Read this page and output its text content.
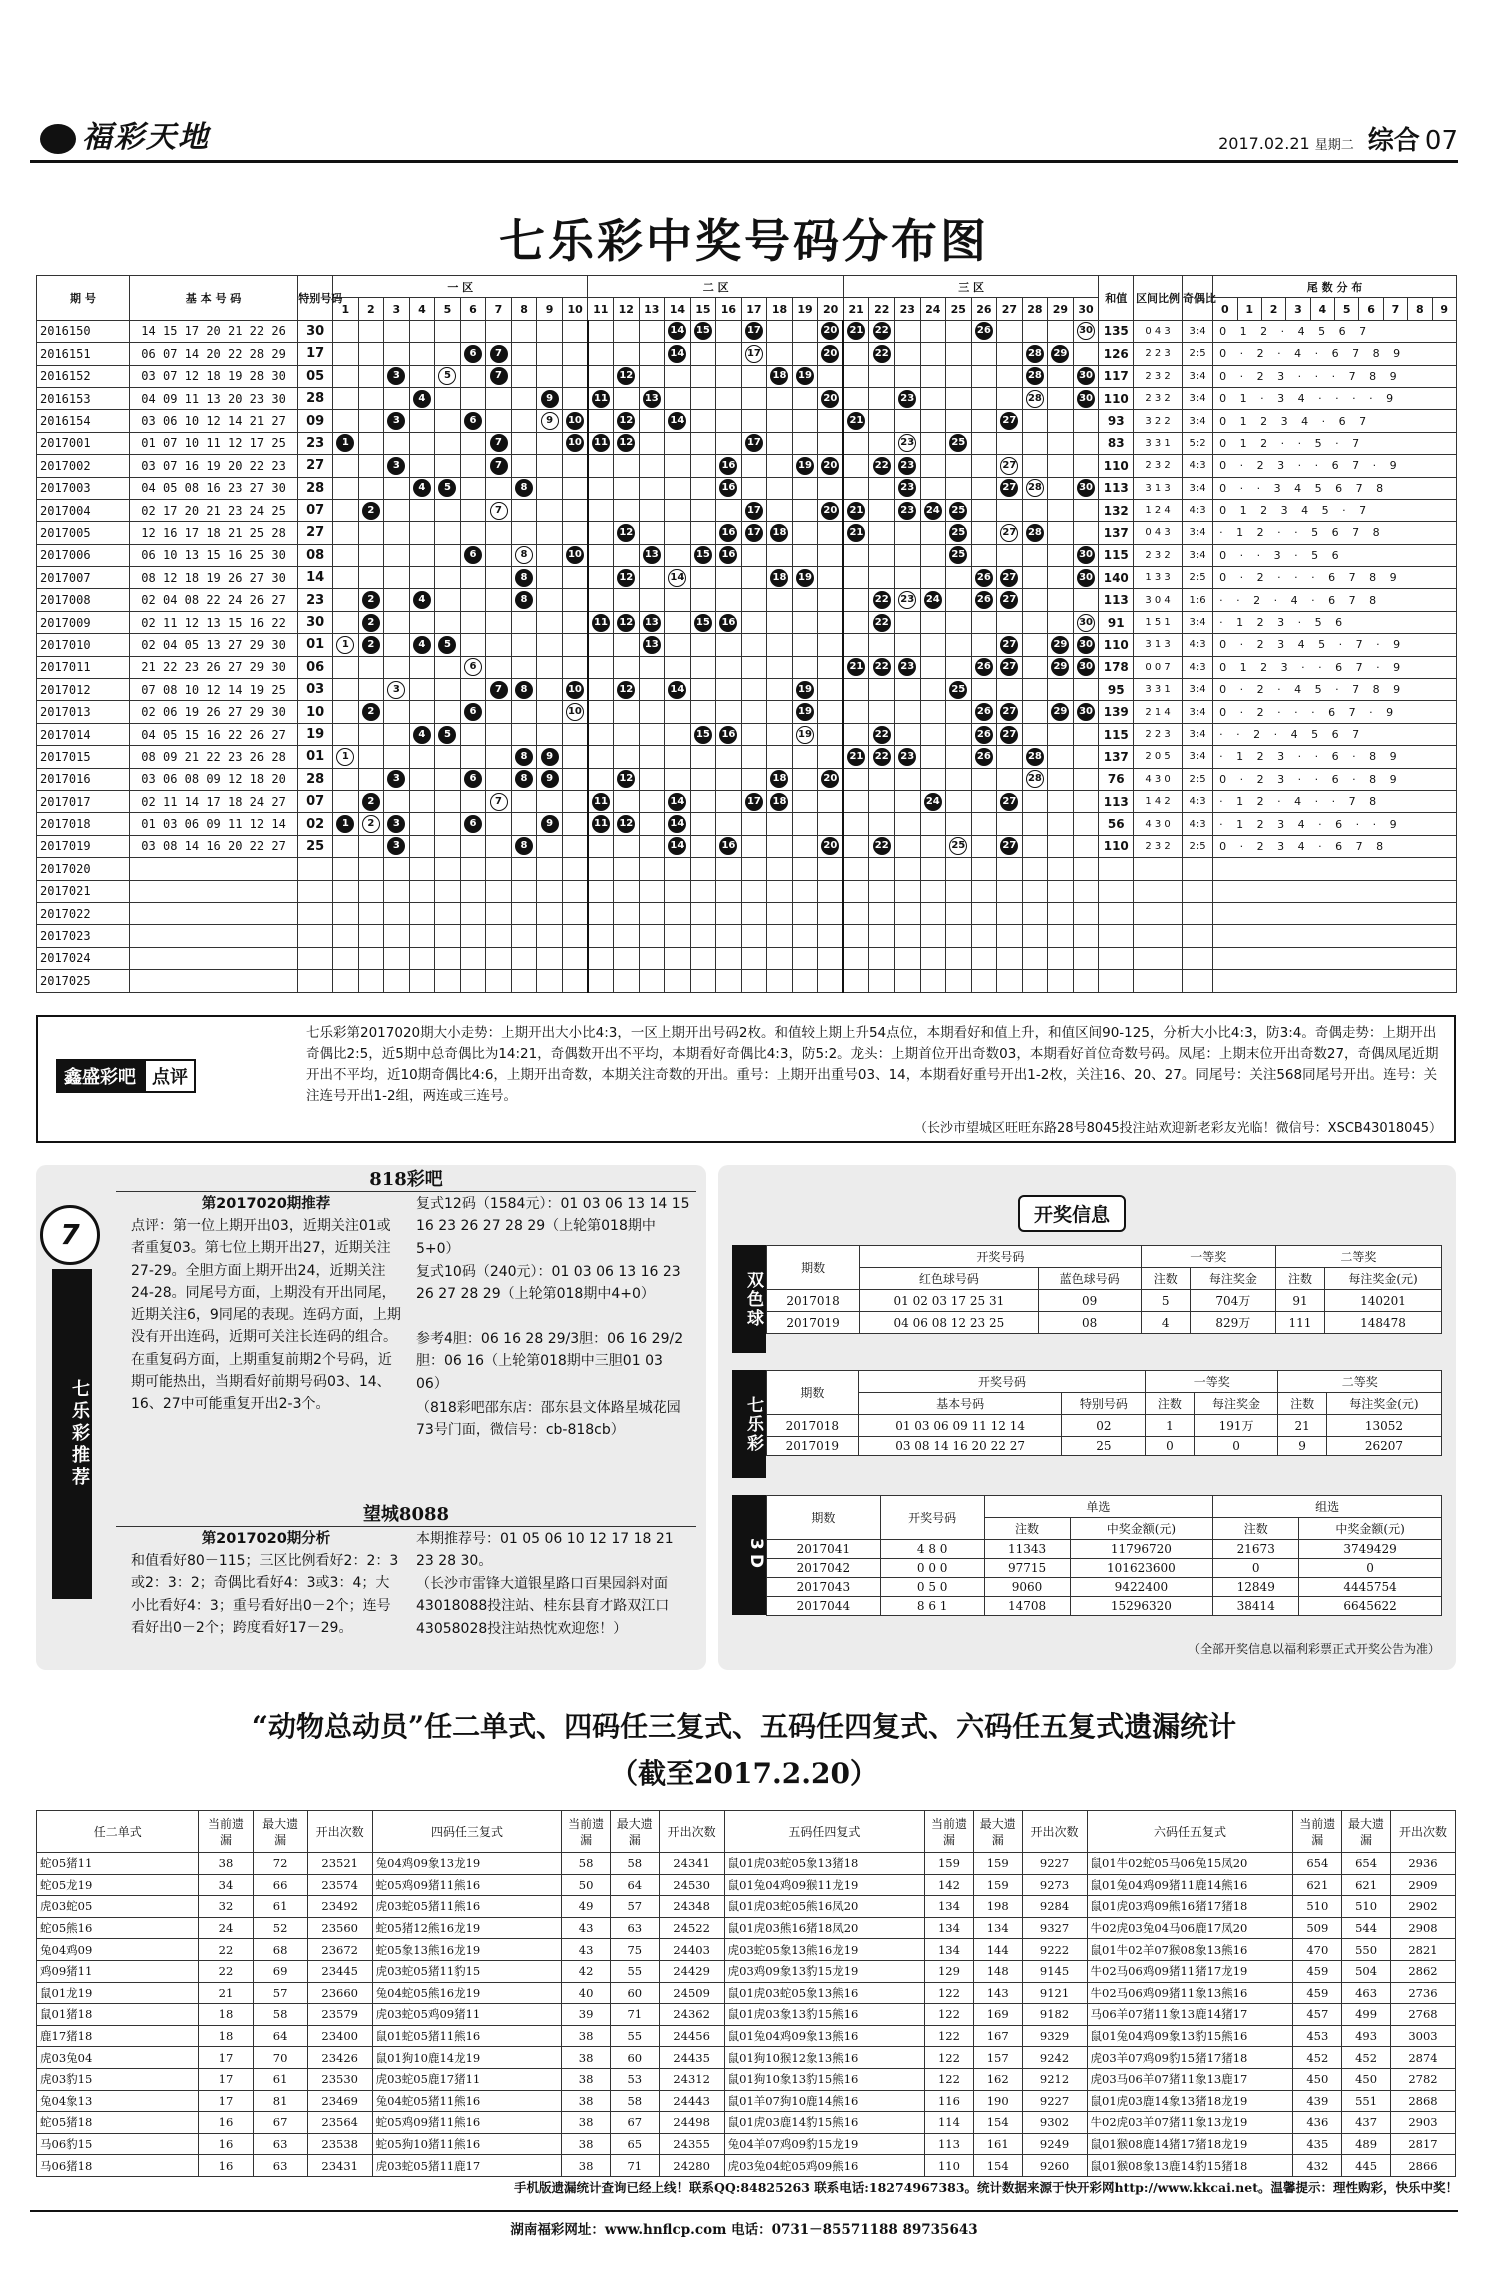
福彩天地	2017.02.21 星期二 综合 07
七乐彩中奖号码分布图
期 号	基 本 号 码	特别号码	一 区										二 区										三 区										和值	区间比例	奇偶比	尾 数 分 布									
			1	2	3	4	5	6	7	8	9	10	11	12	13	14	15	16	17	18	19	20	21	22	23	24	25	26	27	28	29	30				0	1	2	3	4	5	6	7	8	9
2016150	14 15 17 20 21 22 26	30														14	15		17			20	21	22				26				30	135	0 4 3	3:4	0 1 2 · 4 5 6 7									
2016151	06 07 14 20 22 28 29	17						6	7							14			17			20		22						28	29		126	2 2 3	2:5	0 · 2 · 4 · 6 7 8 9									
2016152	03 07 12 18 19 28 30	05			3		5		7					12						18	19									28		30	117	2 3 2	3:4	0 · 2 3 · · · 7 8 9									
2016153	04 09 11 13 20 23 30	28				4					9		11		13							20			23					28		30	110	2 3 2	3:4	0 1 · 3 4 · · · · 9									
2016154	03 06 10 12 14 21 27	09			3			6			9	10		12		14							21						27				93	3 2 2	3:4	0 1 2 3 4 · 6 7									
2017001	01 07 10 11 12 17 25	23	1						7			10	11	12					17						23		25						83	3 3 1	5:2	0 1 2 · · 5 · 7									
2017002	03 07 16 19 20 22 23	27			3				7									16			19	20		22	23				27				110	2 3 2	4:3	0 · 2 3 · · 6 7 · 9									
2017003	04 05 08 16 23 27 30	28				4	5			8								16							23				27	28		30	113	3 1 3	3:4	0 · · 3 4 5 6 7 8									
2017004	02 17 20 21 23 24 25	07		2					7										17			20	21		23	24	25						132	1 2 4	4:3	0 1 2 3 4 5 · 7									
2017005	12 16 17 18 21 25 28	27												12				16	17	18			21				25		27	28			137	0 4 3	3:4	· 1 2 · · 5 6 7 8									
2017006	06 10 13 15 16 25 30	08						6		8		10			13		15	16									25					30	115	2 3 2	3:4	0 · · 3 · 5 6									
2017007	08 12 18 19 26 27 30	14								8				12		14				18	19							26	27			30	140	1 3 3	2:5	0 · 2 · · · 6 7 8 9									
2017008	02 04 08 22 24 26 27	23		2		4				8														22	23	24		26	27				113	3 0 4	1:6	· · 2 · 4 · 6 7 8									
2017009	02 11 12 13 15 16 22	30		2									11	12	13		15	16						22								30	91	1 5 1	3:4	· 1 2 3 · 5 6									
2017010	02 04 05 13 27 29 30	01	1	2		4	5								13														27		29	30	110	3 1 3	4:3	0 · 2 3 4 5 · 7 · 9									
2017011	21 22 23 26 27 29 30	06						6															21	22	23			26	27		29	30	178	0 0 7	4:3	0 1 2 3 · · 6 7 · 9									
2017012	07 08 10 12 14 19 25	03			3				7	8		10		12		14					19						25						95	3 3 1	3:4	0 · 2 · 4 5 · 7 8 9									
2017013	02 06 19 26 27 29 30	10		2				6				10									19							26	27		29	30	139	2 1 4	3:4	0 · 2 · · · 6 7 · 9									
2017014	04 05 15 16 22 26 27	19				4	5										15	16			19			22				26	27				115	2 2 3	3:4	· · 2 · 4 5 6 7									
2017015	08 09 21 22 23 26 28	01	1							8	9												21	22	23			26		28			137	2 0 5	3:4	· 1 2 3 · · 6 · 8 9									
2017016	03 06 08 09 12 18 20	28			3			6		8	9			12						18		20								28			76	4 3 0	2:5	0 · 2 3 · · 6 · 8 9									
2017017	02 11 14 17 18 24 27	07		2					7				11			14			17	18						24			27				113	1 4 2	4:3	· 1 2 · 4 · · 7 8									
2017018	01 03 06 09 11 12 14	02	1	2	3			6			9		11	12		14																	56	4 3 0	4:3	· 1 2 3 4 · 6 · · 9									
2017019	03 08 14 16 20 22 27	25			3					8						14		16				20		22			25		27				110	2 3 2	2:5	0 · 2 3 4 · 6 7 8									
2017020																																													
2017021																																													
2017022																																													
2017023																																													
2017024																																													
2017025																																													
鑫盛彩吧 点评
七乐彩第2017020期大小走势：上期开出大小比4:3，一区上期开出号码2枚。和值较上期上升54点位，本期看好和值上升，和值区间90-125，分析大小比4:3，防3:4。奇偶走势：上期开出奇偶比2:5，近5期中总奇偶比为14:21，奇偶数开出不平均，本期看好奇偶比4:3，防5:2。龙头：上期首位开出奇数03，本期看好首位奇数号码。凤尾：上期末位开出奇数27，奇偶凤尾近期开出不平均，近10期奇偶比4:6，上期开出奇数，本期关注奇数的开出。重号：上期开出重号03、14，本期看好重号开出1-2枚，关注16、20、27。同尾号：关注568同尾号开出。连号：关注连号开出1-2组，两连或三连号。
（长沙市望城区旺旺东路28号8045投注站欢迎新老彩友光临！微信号：XSCB43018045）
7
七乐彩推荐
818彩吧
第2017020期推荐
点评：第一位上期开出03，近期关注01或者重复03。第七位上期开出27，近期关注27-29。全胆方面上期开出24，近期关注24-28。同尾号方面，上期没有开出同尾，近期关注6，9同尾的表现。连码方面，上期没有开出连码，近期可关注长连码的组合。在重复码方面，上期重复前期2个号码，近期可能热出，当期看好前期号码03、14、16、27中可能重复开出2-3个。
复式12码（1584元）：01 03 06 13 14 15 16 23 26 27 28 29（上轮第018期中5+0）
复式10码（240元）：01 03 06 13 16 23 26 27 28 29（上轮第018期中4+0）
参考4胆：06 16 28 29/3胆：06 16 29/2胆：06 16（上轮第018期中三胆01 03 06）
（818彩吧邵东店：邵东县文体路星城花园73号门面，微信号：cb-818cb）
望城8088
第2017020期分析
和值看好80－115；三区比例看好2：2：3或2：3：2；奇偶比看好4：3或3：4；大小比看好4：3；重号看好出0－2个；连号看好出0－2个；跨度看好17－29。
本期推荐号：01 05 06 10 12 17 18 21 23 28 30。
（长沙市雷锋大道银星路口百果园斜对面43018088投注站、桂东县育才路双江口43058028投注站热忱欢迎您！）
开奖信息
双色球
期数	开奖号码		一等奖		二等奖	
	红色球号码	蓝色球号码	注数	每注奖金	注数	每注奖金(元)
2017018	01 02 03 17 25 31	09	5	704万	91	140201
2017019	04 06 08 12 23 25	08	4	829万	111	148478
七乐彩
期数	开奖号码		一等奖		二等奖	
	基本号码	特别号码	注数	每注奖金	注数	每注奖金(元)
2017018	01 03 06 09 11 12 14	02	1	191万	21	13052
2017019	03 08 14 16 20 22 27	25	0	0	9	26207
3D
期数	开奖号码	单选		组选	
		注数	中奖金额(元)	注数	中奖金额(元)
2017041	4 8 0	11343	11796720	21673	3749429
2017042	0 0 0	97715	101623600	0	0
2017043	0 5 0	9060	9422400	12849	4445754
2017044	8 6 1	14708	15296320	38414	6645622
（全部开奖信息以福利彩票正式开奖公告为准）
“动物总动员”任二单式、四码任三复式、五码任四复式、六码任五复式遗漏统计
（截至2017.2.20）
任二单式	当前遗漏	最大遗漏	开出次数	四码任三复式	当前遗漏	最大遗漏	开出次数	五码任四复式	当前遗漏	最大遗漏	开出次数	六码任五复式	当前遗漏	最大遗漏	开出次数
蛇05猪11	38	72	23521	兔04鸡09象13龙19	58	58	24341	鼠01虎03蛇05象13猪18	159	159	9227	鼠01牛02蛇05马06兔15凤20	654	654	2936
蛇05龙19	34	66	23574	蛇05鸡09猪11熊16	50	64	24530	鼠01兔04鸡09猴11龙19	142	159	9273	鼠01兔04鸡09猪11鹿14熊16	621	621	2909
虎03蛇05	32	61	23492	虎03蛇05猪11熊16	49	57	24348	鼠01虎03蛇05熊16凤20	134	198	9284	鼠01虎03鸡09熊16猪17猪18	510	510	2902
蛇05熊16	24	52	23560	蛇05猪12熊16龙19	43	63	24522	鼠01虎03熊16猪18凤20	134	134	9327	牛02虎03兔04马06鹿17凤20	509	544	2908
兔04鸡09	22	68	23672	蛇05象13熊16龙19	43	75	24403	虎03蛇05象13熊16龙19	134	144	9222	鼠01牛02羊07猴08象13熊16	470	550	2821
鸡09猪11	22	69	23445	虎03蛇05猪11豹15	42	55	24429	虎03鸡09象13豹15龙19	129	148	9145	牛02马06鸡09猪11猪17龙19	459	504	2862
鼠01龙19	21	57	23660	兔04蛇05熊16龙19	40	60	24509	鼠01虎03蛇05象13熊16	122	143	9121	牛02马06鸡09猪11象13熊16	459	463	2736
鼠01猪18	18	58	23579	虎03蛇05鸡09猪11	39	71	24362	鼠01虎03象13豹15熊16	122	169	9182	马06羊07猪11象13鹿14猪17	457	499	2768
鹿17猪18	18	64	23400	鼠01蛇05猪11熊16	38	55	24456	鼠01兔04鸡09象13熊16	122	167	9329	鼠01兔04鸡09象13豹15熊16	453	493	3003
虎03兔04	17	70	23426	鼠01狗10鹿14龙19	38	60	24435	鼠01狗10猴12象13熊16	122	157	9242	虎03羊07鸡09豹15猪17猪18	452	452	2874
虎03豹15	17	61	23530	虎03蛇05鹿17猪11	38	53	24312	鼠01狗10象13豹15熊16	122	162	9212	虎03马06羊07猪11象13鹿17	450	450	2782
兔04象13	17	81	23469	兔04蛇05猪11熊16	38	58	24443	鼠01羊07狗10鹿14熊16	116	190	9227	鼠01虎03鹿14象13猪18龙19	439	551	2868
蛇05猪18	16	67	23564	蛇05鸡09猪11熊16	38	67	24498	鼠01虎03鹿14豹15熊16	114	154	9302	牛02虎03羊07猪11象13龙19	436	437	2903
马06豹15	16	63	23538	蛇05狗10猪11熊16	38	65	24355	兔04羊07鸡09豹15龙19	113	161	9249	鼠01猴08鹿14猪17猪18龙19	435	489	2817
马06猪18	16	63	23431	虎03蛇05猪11鹿17	38	71	24280	虎03兔04蛇05鸡09熊16	110	154	9260	鼠01猴08象13鹿14豹15猪18	432	445	2866
手机版遗漏统计查询已经上线！联系QQ:84825263 联系电话:18274967383。统计数据来源于快开彩网http://www.kkcai.net。温馨提示：理性购彩，快乐中奖！
湖南福彩网址：www.hnflcp.com 电话：0731－85571188 89735643
